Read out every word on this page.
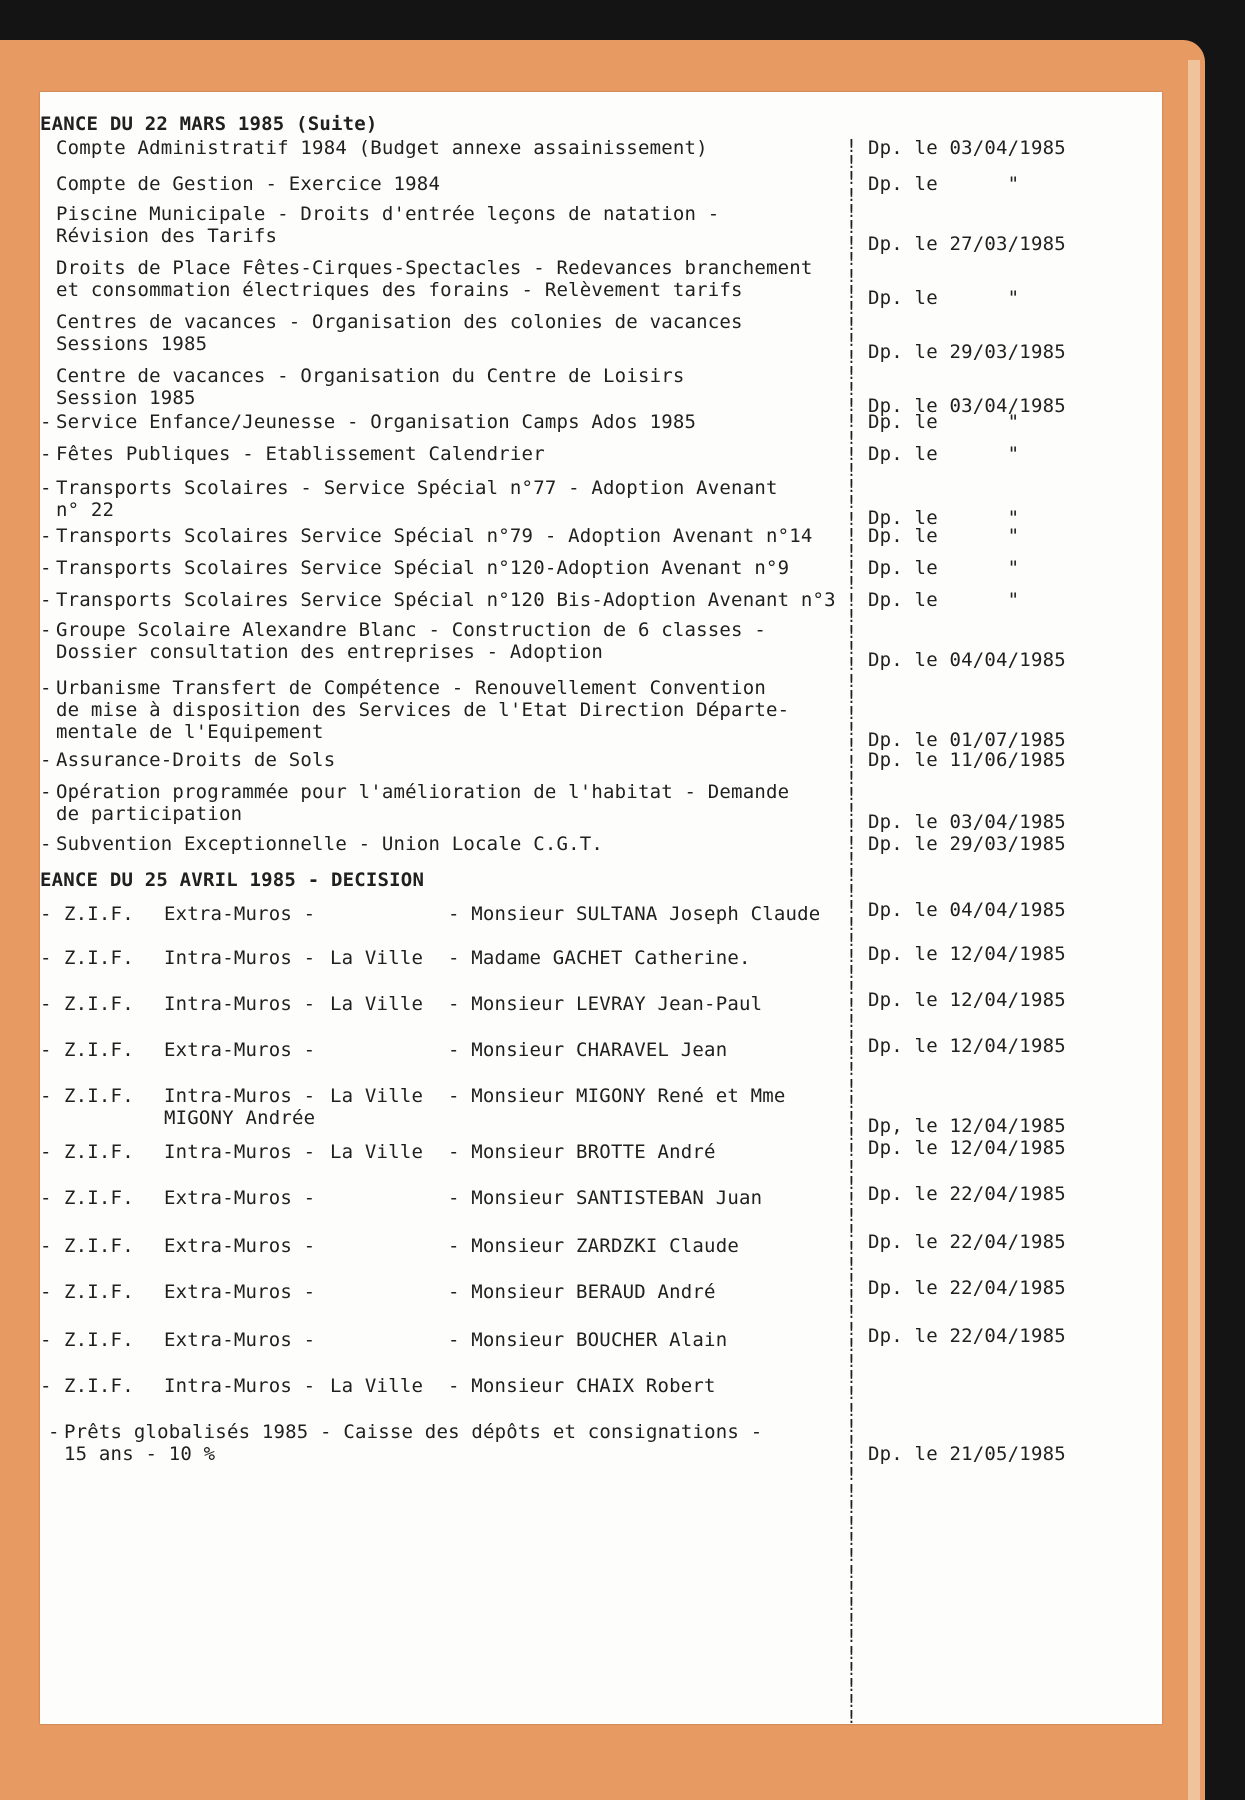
EANCE DU 22 MARS 1985 (Suite)
Compte Administratif 1984 (Budget annexe assainissement)	Dp. le 03/04/1985
Compte de Gestion - Exercice 1984	Dp. le      "
Piscine Municipale - Droits d'entrée leçons de natation -
Révision des Tarifs	Dp. le 27/03/1985
Droits de Place Fêtes-Cirques-Spectacles - Redevances branchement
et consommation électriques des forains - Relèvement tarifs	Dp. le      "
Centres de vacances - Organisation des colonies de vacances
Sessions 1985	Dp. le 29/03/1985
Centre de vacances - Organisation du Centre de Loisirs
Session 1985	Dp. le 03/04/1985
- Service Enfance/Jeunesse - Organisation Camps Ados 1985	Dp. le      "
- Fêtes Publiques - Etablissement Calendrier	Dp. le      "
- Transports Scolaires - Service Spécial n°77 - Adoption Avenant
n° 22	Dp. le      "
- Transports Scolaires Service Spécial n°79 - Adoption Avenant n°14	Dp. le      "
- Transports Scolaires Service Spécial n°120-Adoption Avenant n°9	Dp. le      "
- Transports Scolaires Service Spécial n°120 Bis-Adoption Avenant n°3 Dp. le      "
- Groupe Scolaire Alexandre Blanc - Construction de 6 classes -
Dossier consultation des entreprises - Adoption	Dp. le 04/04/1985
- Urbanisme Transfert de Compétence - Renouvellement Convention
de mise à disposition des Services de l'Etat Direction Départe-
mentale de l'Equipement	Dp. le 01/07/1985
- Assurance-Droits de Sols	Dp. le 11/06/1985
- Opération programmée pour l'amélioration de l'habitat - Demande
de participation	Dp. le 03/04/1985
- Subvention Exceptionnelle - Union Locale C.G.T.	Dp. le 29/03/1985
EANCE DU 25 AVRIL 1985 - DECISION
- Z.I.F. Extra-Muros -	- Monsieur SULTANA Joseph Claude	Dp. le 04/04/1985
- Z.I.F. Intra-Muros - La Ville - Madame GACHET Catherine.	Dp. le 12/04/1985
- Z.I.F. Intra-Muros - La Ville - Monsieur LEVRAY Jean-Paul	Dp. le 12/04/1985
- Z.I.F. Extra-Muros -	- Monsieur CHARAVEL Jean	Dp. le 12/04/1985
- Z.I.F. Intra-Muros - La Ville - Monsieur MIGONY René et Mme
MIGONY Andrée	Dp, le 12/04/1985
- Z.I.F. Intra-Muros - La Ville - Monsieur BROTTE André	Dp. le 12/04/1985
- Z.I.F. Extra-Muros -	- Monsieur SANTISTEBAN Juan	Dp. le 22/04/1985
- Z.I.F. Extra-Muros -	- Monsieur ZARDZKI Claude	Dp. le 22/04/1985
- Z.I.F. Extra-Muros -	- Monsieur BERAUD André	Dp. le 22/04/1985
- Z.I.F. Extra-Muros -	- Monsieur BOUCHER Alain	Dp. le 22/04/1985
- Z.I.F. Intra-Muros - La Ville - Monsieur CHAIX Robert
- Prêts globalisés 1985 - Caisse des dépôts et consignations -
15 ans - 10 %	Dp. le 21/05/1985
!
!
!
!
!
!
!
!
!
!
!
!
!
!
!
!
!
!
!
!
!
!
!
!
!
!
!
!
!
!
!
!
!
!
!
!
!
!
!
!
!
!
!
!
!
!
!
!
!
!
!
!
!
!
!
!
!
!
!
!
!
!
!
!
!
!
!
!
!
!
!
!
!
!
!
!
!
!
!
!
!
!
!
!
!
!
!
!
!
!
!
!
!
!
!
!
!
!
